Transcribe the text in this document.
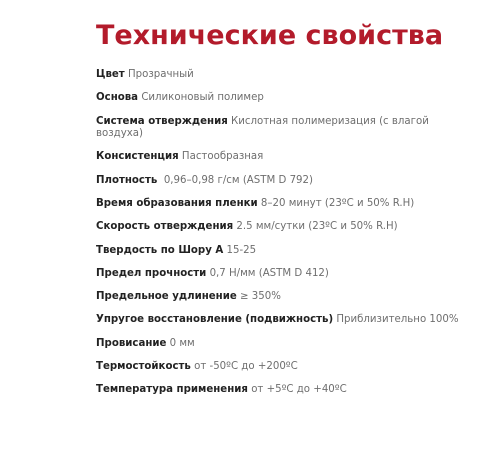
Технические свойства
Цвет Прозрачный
Основа Силиконовый полимер
Система отверждения Кислотная полимеризация (с влагой воздуха)
Консистенция Пастообразная
Плотность  0,96–0,98 г/см (ASTM D 792)
Время образования пленки 8–20 минут (23ºC и 50% R.H)
Скорость отверждения 2.5 мм/сутки (23ºC и 50% R.H)
Твердость по Шору А 15-25
Предел прочности 0,7 Н/мм (ASTM D 412)
Предельное удлинение ≥ 350%
Упругое восстановление (подвижность) Приблизительно 100%
Провисание 0 мм
Термостойкость от -50ºC до +200ºC
Температура применения от +5ºC до +40ºC
